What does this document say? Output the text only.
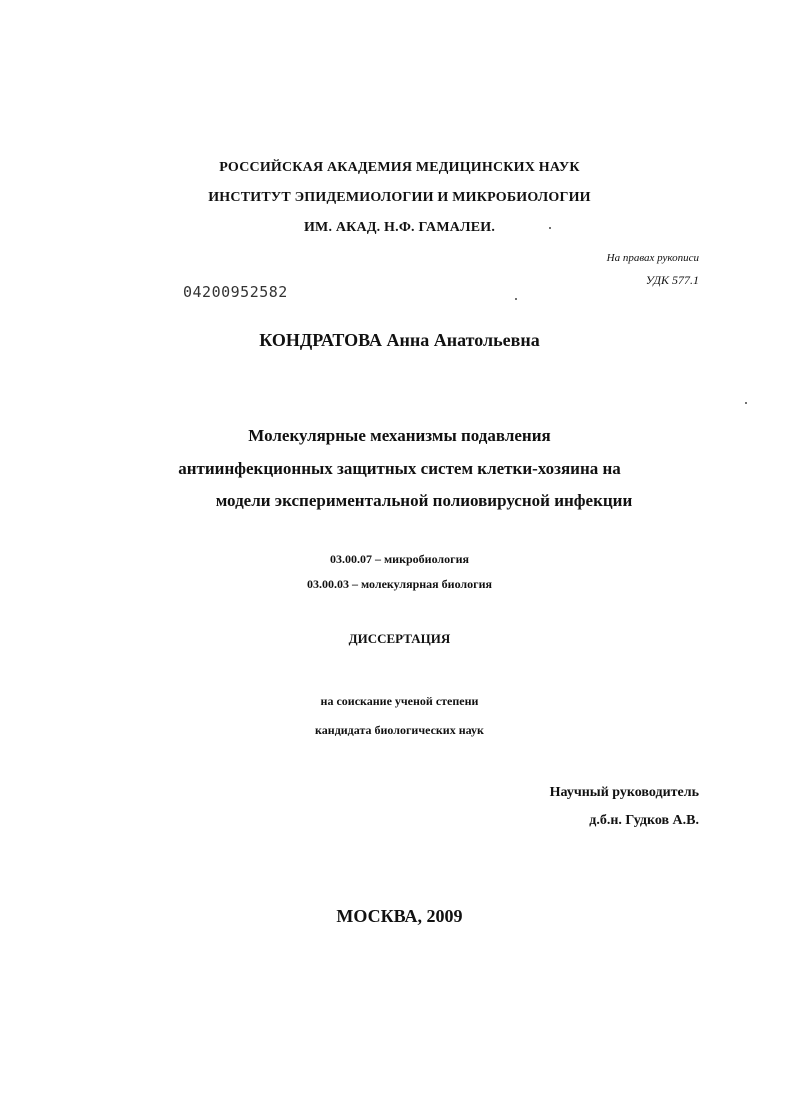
РОССИЙСКАЯ АКАДЕМИЯ МЕДИЦИНСКИХ НАУК
ИНСТИТУТ ЭПИДЕМИОЛОГИИ И МИКРОБИОЛОГИИ
ИМ. АКАД. Н.Ф. ГАМАЛЕИ.
На правах рукописи
УДК 577.1
04200952582
КОНДРАТОВА Анна Анатольевна
Молекулярные механизмы подавления
антиинфекционных защитных систем клетки-хозяина на
модели экспериментальной полиовирусной инфекции
03.00.07 – микробиология
03.00.03 – молекулярная биология
ДИССЕРТАЦИЯ
на соискание ученой степени
кандидата биологических наук
Научный руководитель
д.б.н. Гудков А.В.
МОСКВА, 2009
